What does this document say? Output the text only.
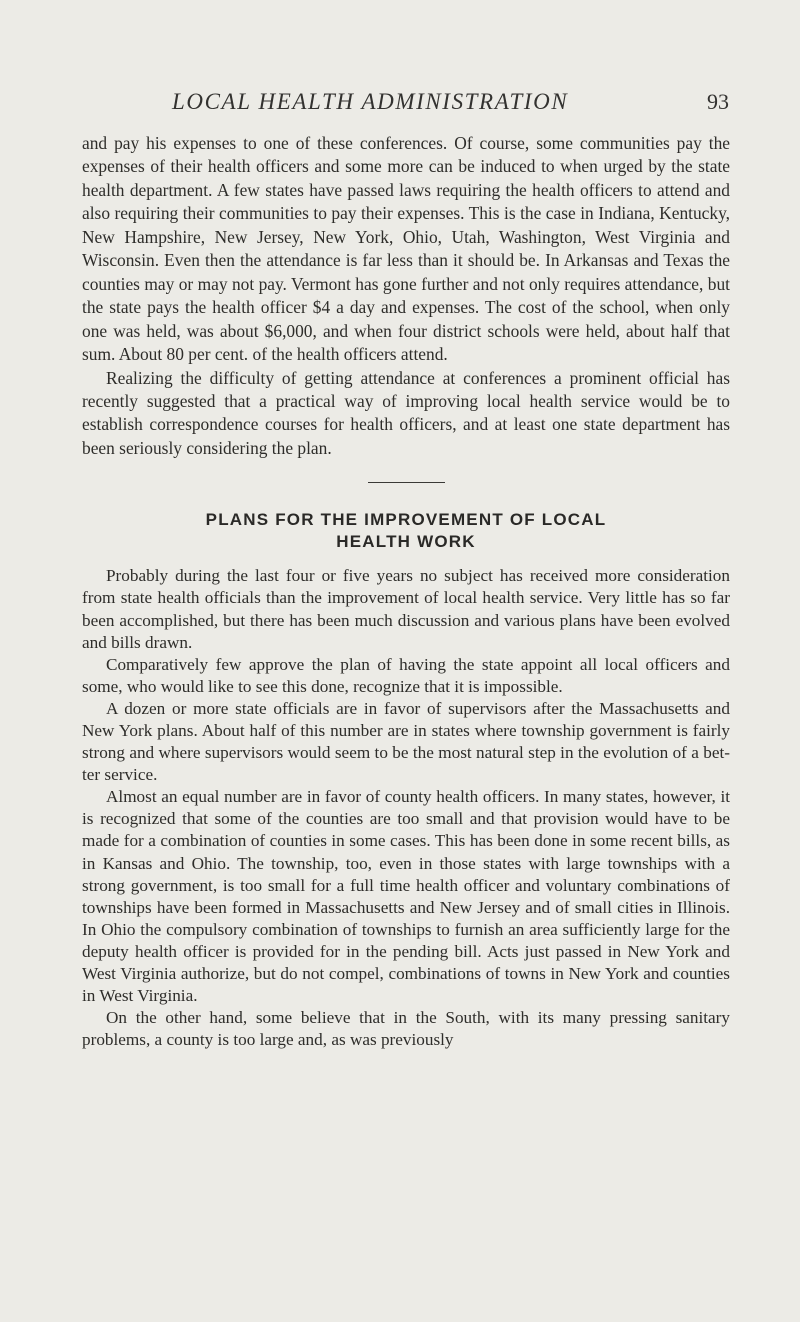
LOCAL HEALTH ADMINISTRATION	93

and pay his expenses to one of these conferences. Of course, some communities pay the expenses of their health officers and some more can be induced to when urged by the state health department. A few states have passed laws requiring the health officers to attend and also requiring their communities to pay their expenses. This is the case in Indiana, Kentucky, New Hampshire, New Jersey, New York, Ohio, Utah, Washington, West Virginia and Wisconsin. Even then the attendance is far less than it should be. In Arkansas and Texas the counties may or may not pay. Vermont has gone further and not only requires attendance, but the state pays the health officer $4 a day and expenses. The cost of the school, when only one was held, was about $6,000, and when four district schools were held, about half that sum. About 80 per cent. of the health officers attend.

Realizing the difficulty of getting attendance at conferences a prominent official has recently suggested that a practical way of improving local health service would be to establish correspondence courses for health officers, and at least one state department has been seriously considering the plan.

PLANS FOR THE IMPROVEMENT OF LOCAL
HEALTH WORK

Probably during the last four or five years no subject has received more consideration from state health officials than the improvement of local health service. Very little has so far been accomplished, but there has been much discussion and various plans have been evolved and bills drawn.

Comparatively few approve the plan of having the state appoint all local officers and some, who would like to see this done, recognize that it is impossible.

A dozen or more state officials are in favor of supervisors after the Massachusetts and New York plans. About half of this number are in states where township government is fairly strong and where supervisors would seem to be the most natural step in the evolution of a better service.

Almost an equal number are in favor of county health officers. In many states, however, it is recognized that some of the counties are too small and that provision would have to be made for a combination of counties in some cases. This has been done in some recent bills, as in Kansas and Ohio. The township, too, even in those states with large townships with a strong government, is too small for a full time health officer and voluntary combinations of townships have been formed in Massachusetts and New Jersey and of small cities in Illinois. In Ohio the compulsory combination of townships to furnish an area sufficiently large for the deputy health officer is provided for in the pending bill. Acts just passed in New York and West Virginia authorize, but do not compel, combinations of towns in New York and counties in West Virginia.

On the other hand, some believe that in the South, with its many pressing sanitary problems, a county is too large and, as was previously
